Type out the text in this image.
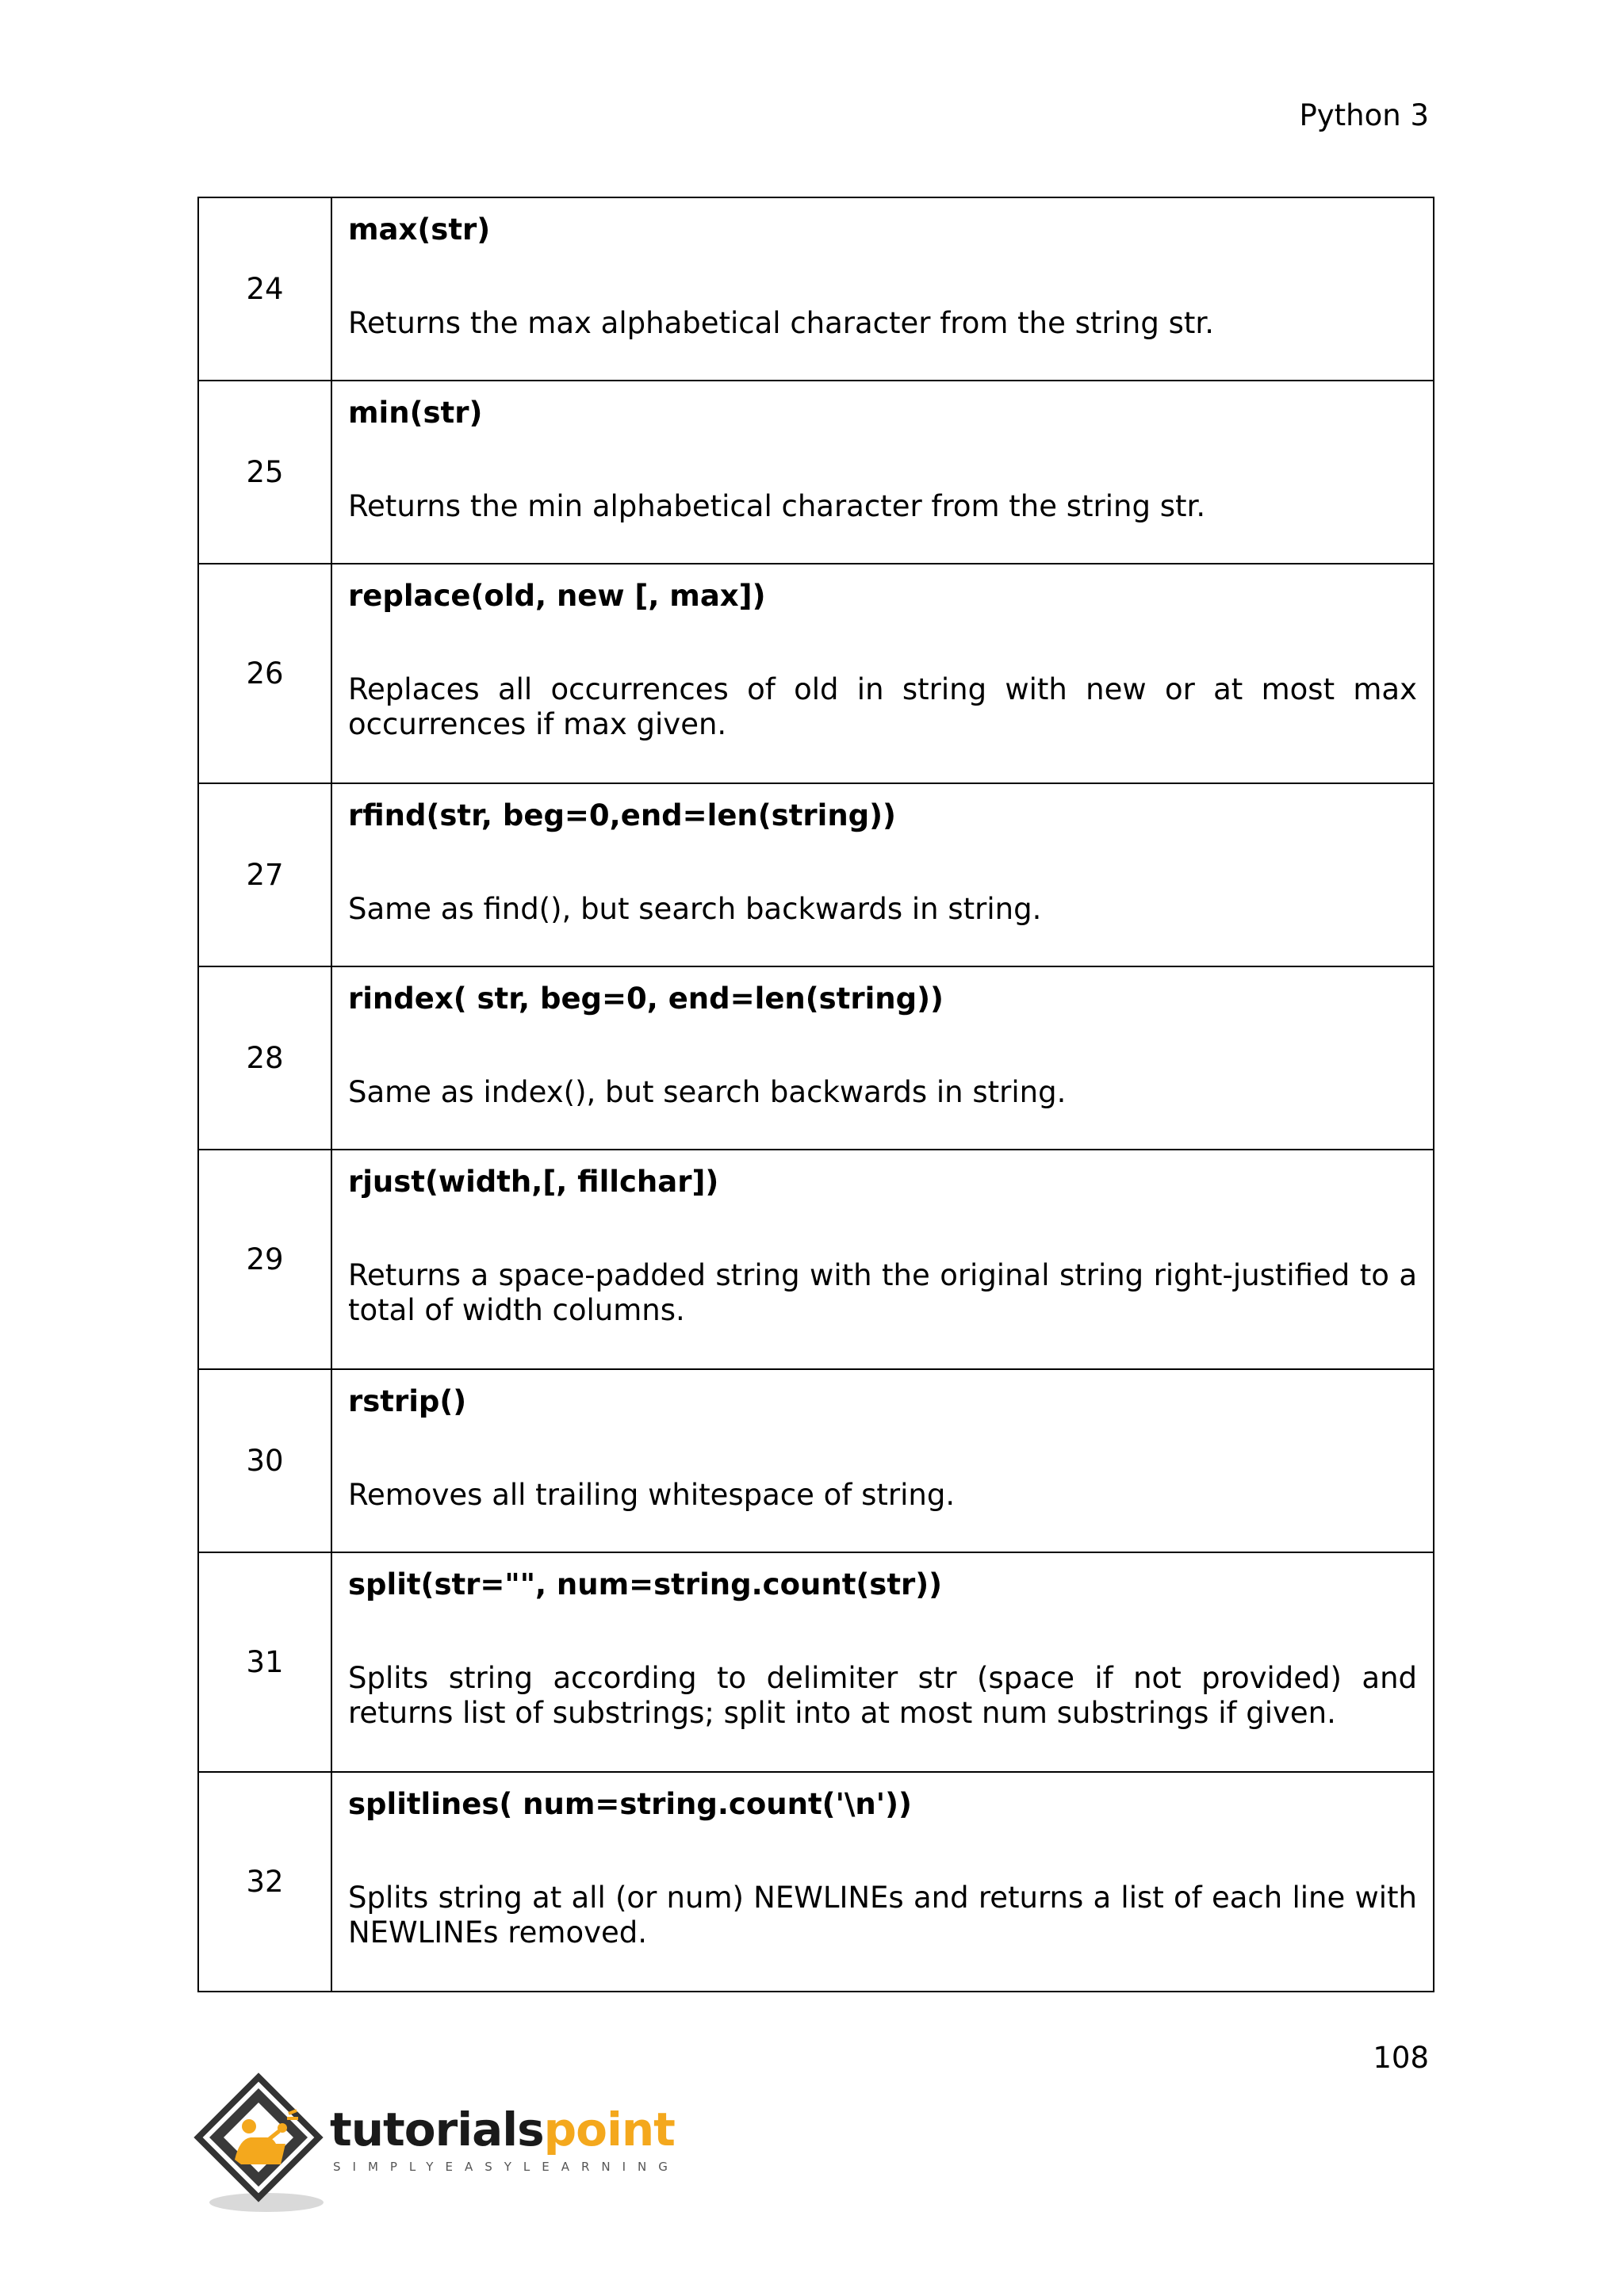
Python 3
24	max(str)
Returns the max alphabetical character from the string str.

25	min(str)
Returns the min alphabetical character from the string str.

26	replace(old, new [, max])
Replaces all occurrences of old in string with new or at most max occurrences if max given.

27	rfind(str, beg=0,end=len(string))
Same as find(), but search backwards in string.

28	rindex( str, beg=0, end=len(string))
Same as index(), but search backwards in string.

29	rjust(width,[, fillchar])
Returns a space-padded string with the original string right-justified to a total of width columns.

30	rstrip()
Removes all trailing whitespace of string.

31	split(str="", num=string.count(str))
Splits string according to delimiter str (space if not provided) and returns list of substrings; split into at most num substrings if given.

32	splitlines( num=string.count('\n'))
Splits string at all (or num) NEWLINEs and returns a list of each line with NEWLINEs removed.
108
tutorialspoint
SIMPLYEASYLEARNING
